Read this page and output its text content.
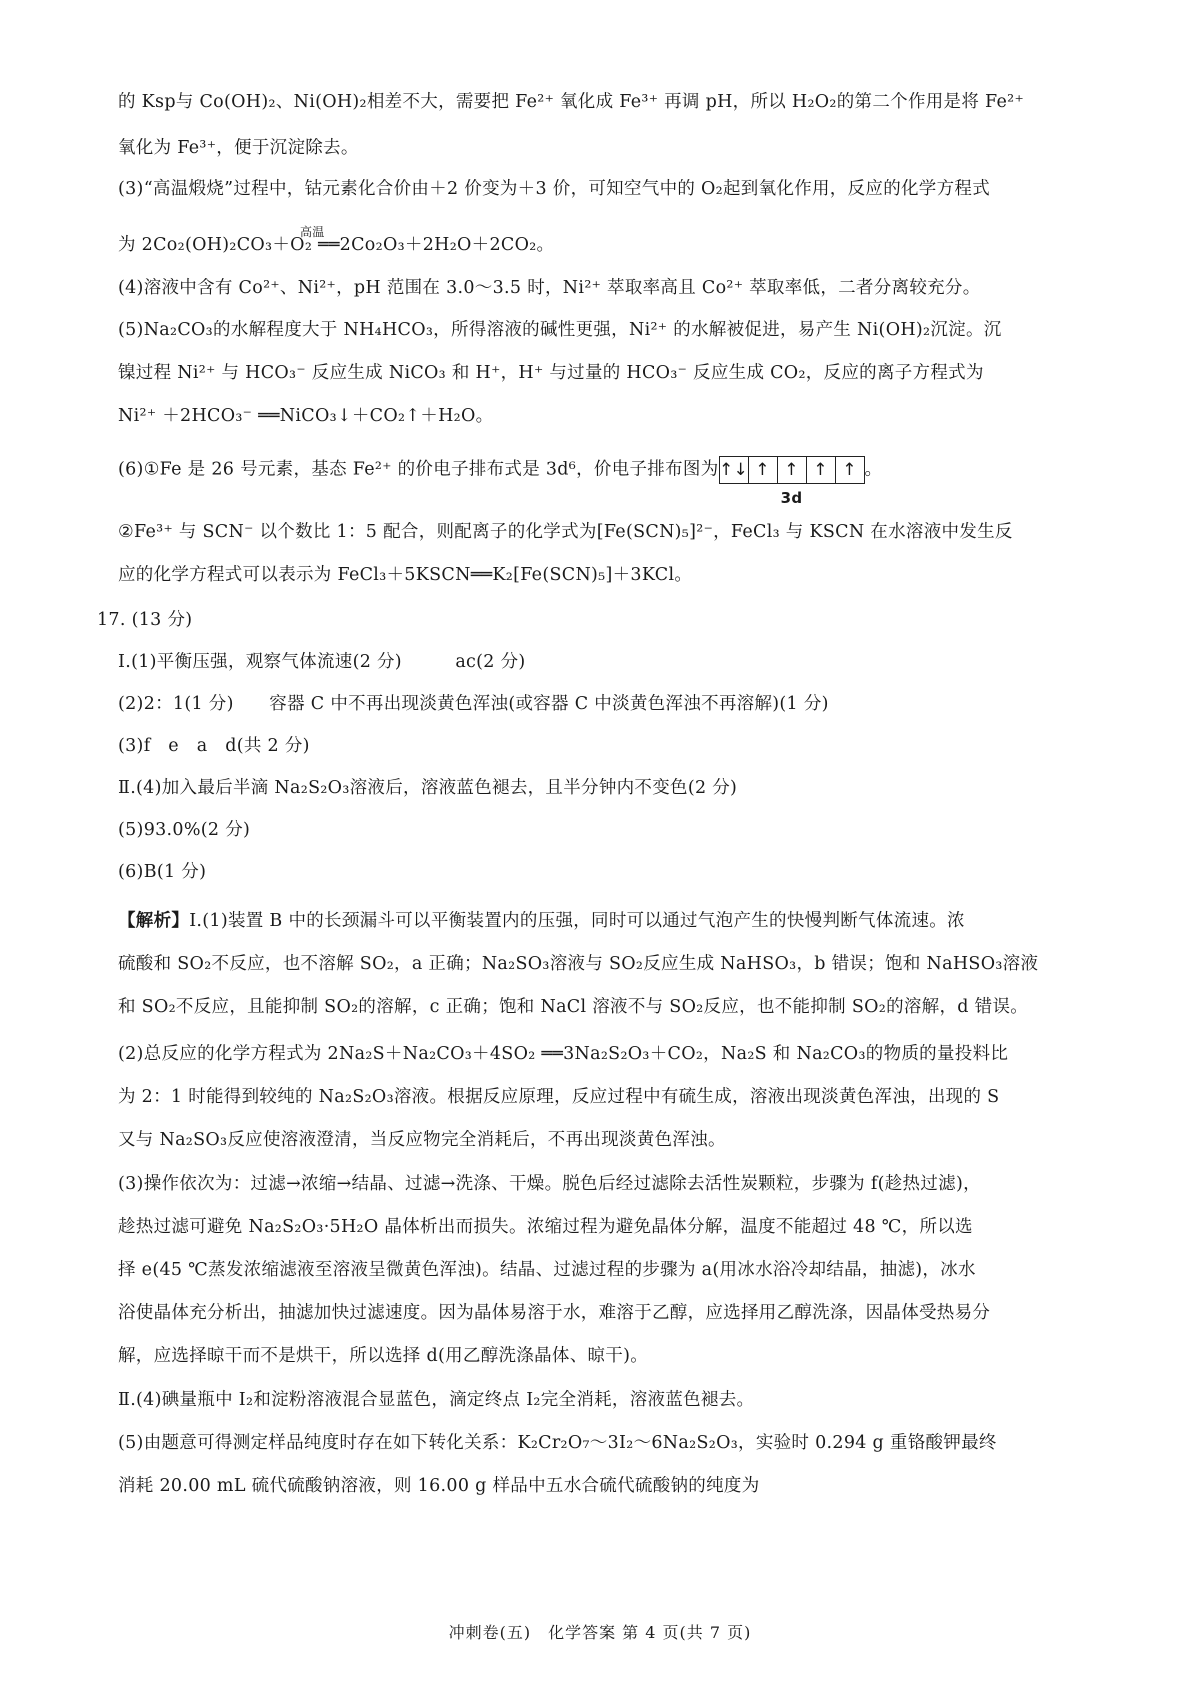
的 Ksp与 Co(OH)₂、Ni(OH)₂相差不大，需要把 Fe²⁺ 氧化成 Fe³⁺ 再调 pH，所以 H₂O₂的第二个作用是将 Fe²⁺
氧化为 Fe³⁺，便于沉淀除去。
(3)“高温煅烧”过程中，钴元素化合价由＋2 价变为＋3 价，可知空气中的 O₂起到氧化作用，反应的化学方程式
高温
为 2Co₂(OH)₂CO₃＋O₂ ══2Co₂O₃＋2H₂O＋2CO₂。
(4)溶液中含有 Co²⁺、Ni²⁺，pH 范围在 3.0～3.5 时，Ni²⁺ 萃取率高且 Co²⁺ 萃取率低，二者分离较充分。
(5)Na₂CO₃的水解程度大于 NH₄HCO₃，所得溶液的碱性更强，Ni²⁺ 的水解被促进，易产生 Ni(OH)₂沉淀。沉
镍过程 Ni²⁺ 与 HCO₃⁻ 反应生成 NiCO₃ 和 H⁺，H⁺ 与过量的 HCO₃⁻ 反应生成 CO₂，反应的离子方程式为
Ni²⁺ ＋2HCO₃⁻ ══NiCO₃↓＋CO₂↑＋H₂O。
(6)①Fe 是 26 号元素，基态 Fe²⁺ 的价电子排布式是 3d⁶，价电子排布图为 ↑↓ ↑ ↑ ↑ ↑
3d
。
②Fe³⁺ 与 SCN⁻ 以个数比 1：5 配合，则配离子的化学式为[Fe(SCN)₅]²⁻，FeCl₃ 与 KSCN 在水溶液中发生反
应的化学方程式可以表示为 FeCl₃＋5KSCN══K₂[Fe(SCN)₅]＋3KCl。
17. (13 分)
Ⅰ.(1)平衡压强，观察气体流速(2 分)　　　ac(2 分)
(2)2：1(1 分)　　容器 C 中不再出现淡黄色浑浊(或容器 C 中淡黄色浑浊不再溶解)(1 分)
(3)f　e　a　d(共 2 分)
Ⅱ.(4)加入最后半滴 Na₂S₂O₃溶液后，溶液蓝色褪去，且半分钟内不变色(2 分)
(5)93.0%(2 分)
(6)B(1 分)
【解析】Ⅰ.(1)装置 B 中的长颈漏斗可以平衡装置内的压强，同时可以通过气泡产生的快慢判断气体流速。浓
硫酸和 SO₂不反应，也不溶解 SO₂，a 正确；Na₂SO₃溶液与 SO₂反应生成 NaHSO₃，b 错误；饱和 NaHSO₃溶液
和 SO₂不反应，且能抑制 SO₂的溶解，c 正确；饱和 NaCl 溶液不与 SO₂反应，也不能抑制 SO₂的溶解，d 错误。
(2)总反应的化学方程式为 2Na₂S＋Na₂CO₃＋4SO₂ ══3Na₂S₂O₃＋CO₂，Na₂S 和 Na₂CO₃的物质的量投料比
为 2：1 时能得到较纯的 Na₂S₂O₃溶液。根据反应原理，反应过程中有硫生成，溶液出现淡黄色浑浊，出现的 S
又与 Na₂SO₃反应使溶液澄清，当反应物完全消耗后，不再出现淡黄色浑浊。
(3)操作依次为：过滤→浓缩→结晶、过滤→洗涤、干燥。脱色后经过滤除去活性炭颗粒，步骤为 f(趁热过滤)，
趁热过滤可避免 Na₂S₂O₃·5H₂O 晶体析出而损失。浓缩过程为避免晶体分解，温度不能超过 48 ℃，所以选
择 e(45 ℃蒸发浓缩滤液至溶液呈微黄色浑浊)。结晶、过滤过程的步骤为 a(用冰水浴冷却结晶，抽滤)，冰水
浴使晶体充分析出，抽滤加快过滤速度。因为晶体易溶于水，难溶于乙醇，应选择用乙醇洗涤，因晶体受热易分
解，应选择晾干而不是烘干，所以选择 d(用乙醇洗涤晶体、晾干)。
Ⅱ.(4)碘量瓶中 I₂和淀粉溶液混合显蓝色，滴定终点 I₂完全消耗，溶液蓝色褪去。
(5)由题意可得测定样品纯度时存在如下转化关系：K₂Cr₂O₇～3I₂～6Na₂S₂O₃，实验时 0.294 g 重铬酸钾最终
消耗 20.00 mL 硫代硫酸钠溶液，则 16.00 g 样品中五水合硫代硫酸钠的纯度为
冲刺卷(五)　化学答案 第 4 页(共 7 页)
